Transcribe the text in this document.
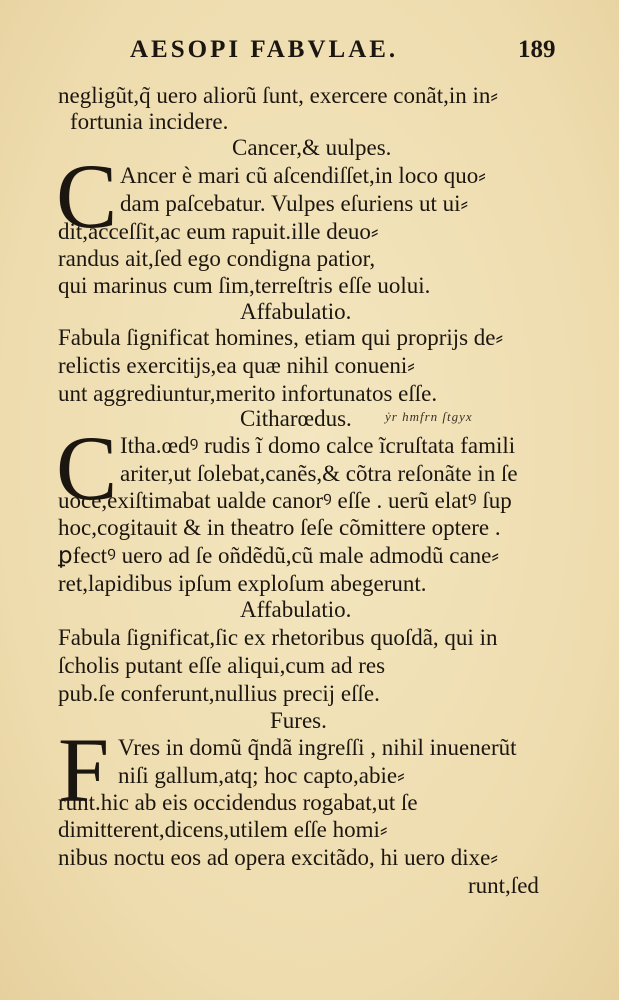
AESOPI FABVLAE.	189
negligũt,q̃ uero aliorũ ſunt, exercere conãt,in in⸗
fortunia incidere.
Cancer,& uulpes.
C Ancer è mari cũ aſcendiſſet,in loco quo⸗
dam paſcebatur. Vulpes eſuriens ut ui⸗
dit,acceſſit,ac eum rapuit.ille deuo⸗
randus ait,ſed ego condigna patior,
qui marinus cum ſim,terreſtris eſſe uolui.
Affabulatio.
Fabula ſignificat homines, etiam qui proprĳs de⸗
relictis exercitĳs,ea quæ nihil conueni⸗
unt aggrediuntur,merito infortunatos eſſe.
Citharœdus.	ẏr hmfrn ſtgyx
C Itha.œdꝰ rudis ĩ domo calce ĩcruſtata famili
ariter,ut ſolebat,canẽs,& cõtra reſonãte in ſe
uoce,exiſtimabat ualde canorꝰ eſſe . uerũ elatꝰ ſup
hoc,cogitauit & in theatro ſeſe cõmittere optere .
ꝑfectꝰ uero ad ſe oñdẽdũ,cũ male admodũ cane⸗
ret,lapidibus ipſum exploſum abegerunt.
Affabulatio.
Fabula ſignificat,ſic ex rhetoribus quoſdã, qui in
ſcholis putant eſſe aliqui,cum ad res
pub.ſe conferunt,nullius precĳ eſſe.
Fures.
F Vres in domũ q̃ndã ingreſſi , nihil inuenerũt
niſi gallum,atq; hoc capto,abie⸗
runt.hic ab eis occidendus rogabat,ut ſe
dimitterent,dicens,utilem eſſe homi⸗
nibus noctu eos ad opera excitãdo, hi uero dixe⸗
runt,ſed
